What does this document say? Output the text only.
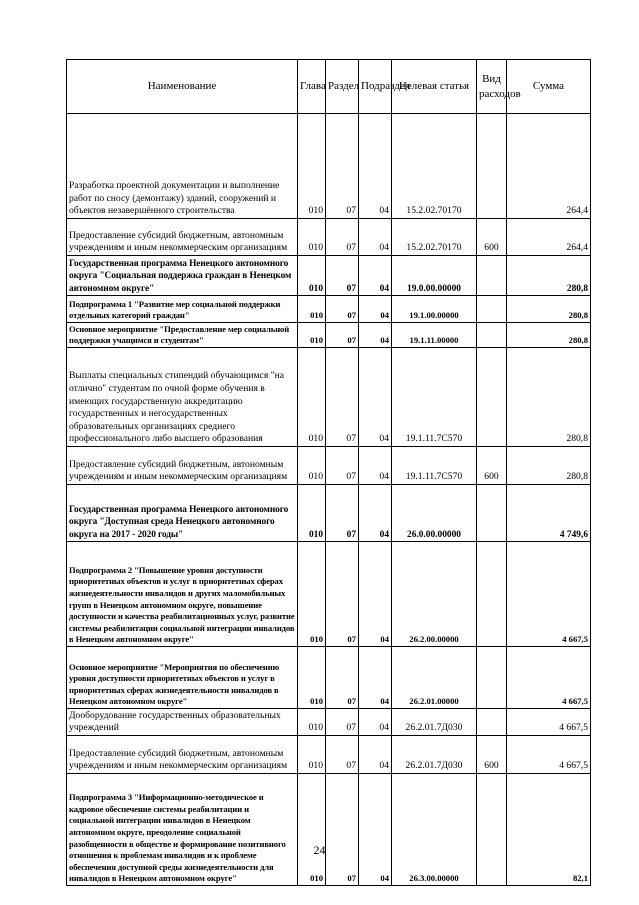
Наименование	Глава	Раздел	Подраздел	Целевая статья	Вид расходов	Сумма
Разработка проектной документации и выполнение работ по сносу (демонтажу) зданий, сооружений и объектов незавершённого строительства	010	07	04	15.2.02.70170		264,4
Предоставление субсидий бюджетным, автономным учреждениям и иным некоммерческим организациям	010	07	04	15.2.02.70170	600	264,4
Государственная программа Ненецкого автономного округа "Социальная поддержка граждан в Ненецком автономном округе"	010	07	04	19.0.00.00000		280,8
Подпрограмма 1 "Развитие мер социальной поддержки отдельных категорий граждан"	010	07	04	19.1.00.00000		280,8
Основное мероприятие "Предоставление мер социальной поддержки учащимся и студентам"	010	07	04	19.1.11.00000		280,8
Выплаты специальных стипендий обучающимся "на отлично" студентам по очной форме обучения в имеющих государственную аккредитацию государственных и негосударственных образовательных организациях среднего профессионального либо высшего образования	010	07	04	19.1.11.7С570		280,8
Предоставление субсидий бюджетным, автономным учреждениям и иным некоммерческим организациям	010	07	04	19.1.11.7С570	600	280,8
Государственная программа Ненецкого автономного округа "Доступная среда Ненецкого автономного округа на 2017 - 2020 годы"	010	07	04	26.0.00.00000		4 749,6
Подпрограмма 2 "Повышение уровня доступности приоритетных объектов и услуг в приоритетных сферах жизнедеятельности инвалидов и других маломобильных групп в Ненецком автономном округе, повышение доступности и качества реабилитационных услуг, развитие системы реабилитации социальной интеграции инвалидов в Ненецком автономном округе"	010	07	04	26.2.00.00000		4 667,5
Основное мероприятие "Мероприятия по обеспечению уровня доступности приоритетных объектов и услуг в приоритетных сферах жизнедеятельности инвалидов в Ненецком автономном округе"	010	07	04	26.2.01.00000		4 667,5
Дооборудование государственных образовательных учреждений	010	07	04	26.2.01.7Д030		4 667,5
Предоставление субсидий бюджетным, автономным учреждениям и иным некоммерческим организациям	010	07	04	26.2.01.7Д030	600	4 667,5
Подпрограмма 3 "Информационно-методическое и кадровое обеспечение системы реабилитации и социальной интеграции инвалидов в Ненецком автономном округе, преодоление социальной разобщенности в обществе и формирование позитивного отношения к проблемам инвалидов и к проблеме обеспечения доступной среды жизнедеятельности для инвалидов в Ненецком автономном округе"	010	07	04	26.3.00.00000		82,1
24
